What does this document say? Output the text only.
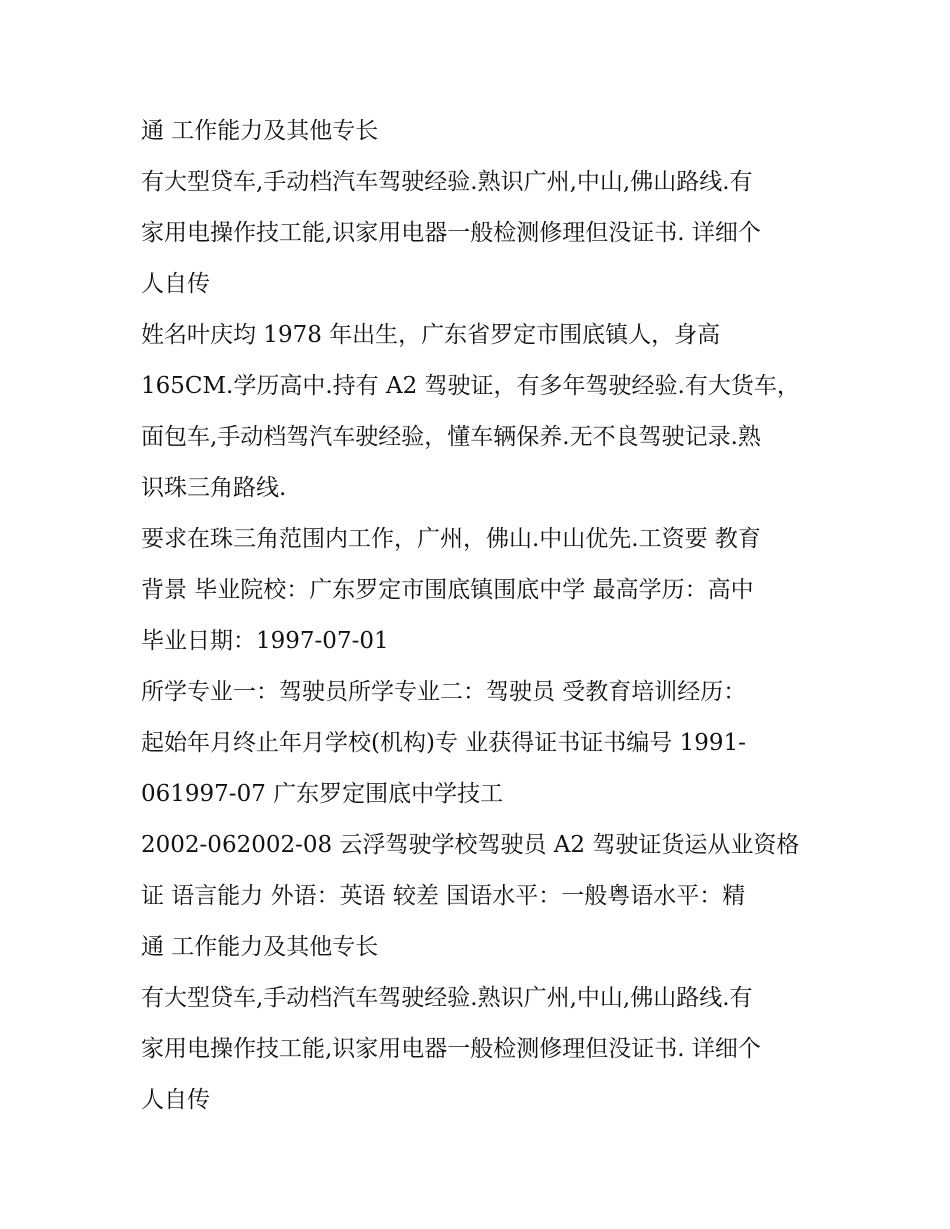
通 工作能力及其他专长
有大型贷车,手动档汽车驾驶经验.熟识广州,中山,佛山路线.有
家用电操作技工能,识家用电器一般检测修理但没证书. 详细个
人自传
姓名叶庆均 1978 年出生，广东省罗定市围底镇人，身高
165CM.学历高中.持有 A2 驾驶证，有多年驾驶经验.有大货车，
面包车,手动档驾汽车驶经验，懂车辆保养.无不良驾驶记录.熟
识珠三角路线.
要求在珠三角范围内工作，广州，佛山.中山优先.工资要 教育
背景 毕业院校：广东罗定市围底镇围底中学 最高学历：高中
毕业日期：1997-07-01
所学专业一：驾驶员所学专业二：驾驶员 受教育培训经历：
起始年月终止年月学校(机构)专 业获得证书证书编号 1991-
061997-07 广东罗定围底中学技工
2002-062002-08 云浮驾驶学校驾驶员 A2 驾驶证货运从业资格
证 语言能力 外语：英语 较差 国语水平：一般粤语水平：精
通 工作能力及其他专长
有大型贷车,手动档汽车驾驶经验.熟识广州,中山,佛山路线.有
家用电操作技工能,识家用电器一般检测修理但没证书. 详细个
人自传
